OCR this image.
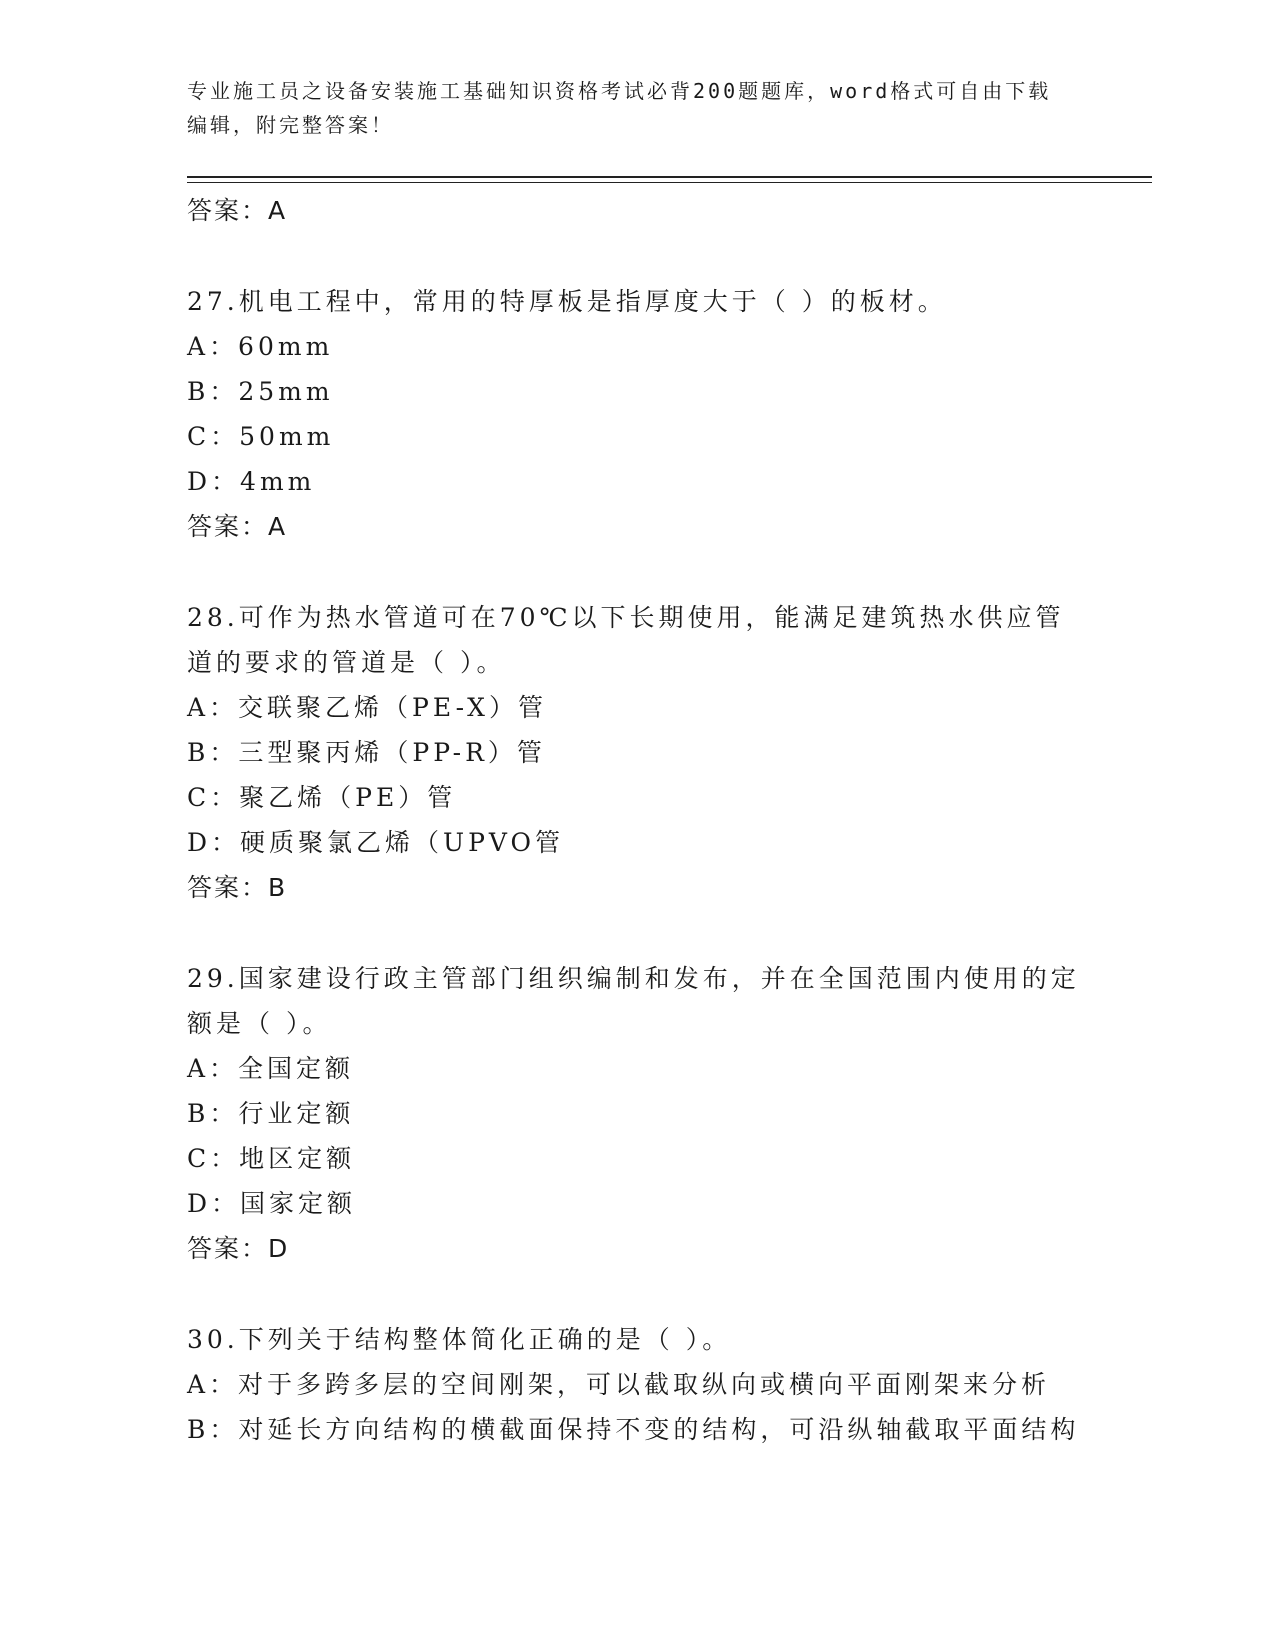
专业施工员之设备安装施工基础知识资格考试必背200题题库，word格式可自由下载编辑，附完整答案！
答案：A
27.机电工程中，常用的特厚板是指厚度大于（ ）的板材。
A：60mm
B：25mm
C：50mm
D：4mm
答案：A
28.可作为热水管道可在70℃以下长期使用，能满足建筑热水供应管道的要求的管道是（ ）。
A：交联聚乙烯（PE-X）管
B：三型聚丙烯（PP-R）管
C：聚乙烯（PE）管
D：硬质聚氯乙烯（UPVO管
答案：B
29.国家建设行政主管部门组织编制和发布，并在全国范围内使用的定额是（ ）。
A：全国定额
B：行业定额
C：地区定额
D：国家定额
答案：D
30.下列关于结构整体简化正确的是（ ）。
A：对于多跨多层的空间刚架，可以截取纵向或横向平面刚架来分析
B：对延长方向结构的横截面保持不变的结构，可沿纵轴截取平面结构
